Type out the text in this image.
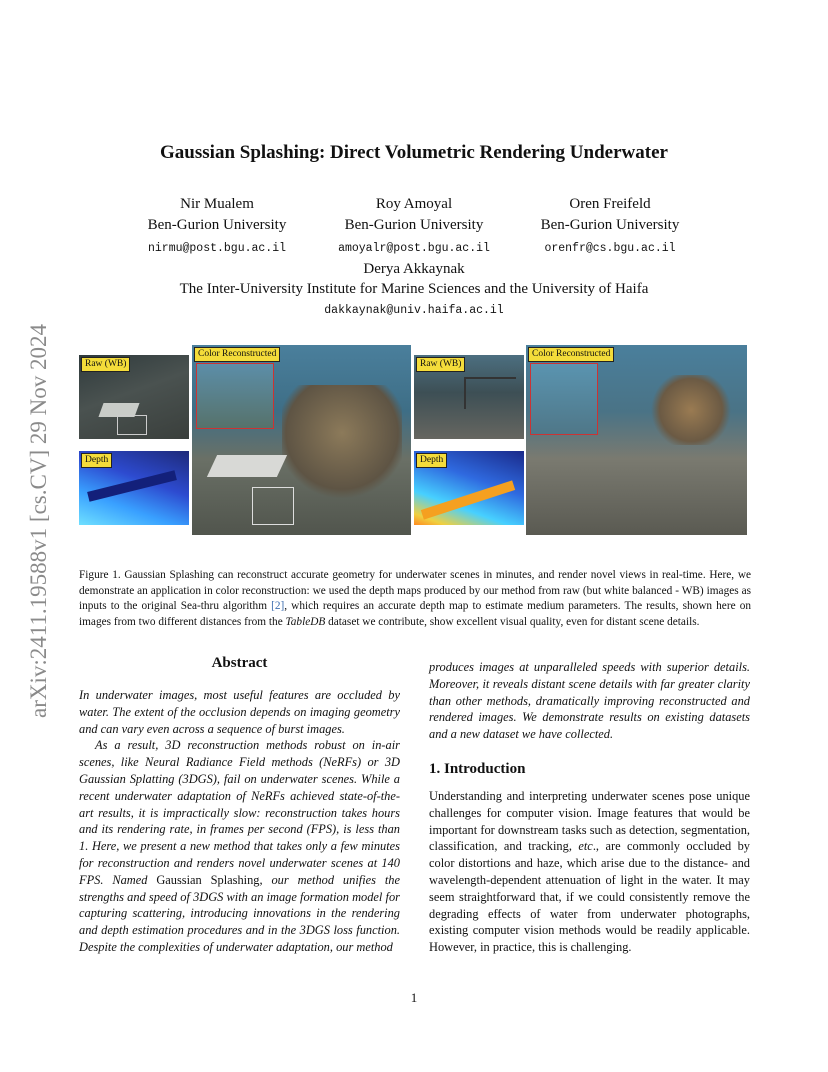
arXiv:2411.19588v1 [cs.CV] 29 Nov 2024
Gaussian Splashing: Direct Volumetric Rendering Underwater
Nir Mualem
Ben-Gurion University
nirmu@post.bgu.ac.il
Roy Amoyal
Ben-Gurion University
amoyalr@post.bgu.ac.il
Oren Freifeld
Ben-Gurion University
orenfr@cs.bgu.ac.il
Derya Akkaynak
The Inter-University Institute for Marine Sciences and the University of Haifa
dakkaynak@univ.haifa.ac.il
Raw (WB)
Depth
Color Reconstructed
Raw (WB)
Depth
Color Reconstructed
Figure 1. Gaussian Splashing can reconstruct accurate geometry for underwater scenes in minutes, and render novel views in real-time. Here, we demonstrate an application in color reconstruction: we used the depth maps produced by our method from raw (but white balanced - WB) images as inputs to the original Sea-thru algorithm [2], which requires an accurate depth map to estimate medium parameters. The results, shown here on images from two different distances from the TableDB dataset we contribute, show excellent visual quality, even for distant scene details.
Abstract
In underwater images, most useful features are occluded by water. The extent of the occlusion depends on imaging geometry and can vary even across a sequence of burst images.
As a result, 3D reconstruction methods robust on in-air scenes, like Neural Radiance Field methods (NeRFs) or 3D Gaussian Splatting (3DGS), fail on underwater scenes. While a recent underwater adaptation of NeRFs achieved state-of-the-art results, it is impractically slow: reconstruction takes hours and its rendering rate, in frames per second (FPS), is less than 1. Here, we present a new method that takes only a few minutes for reconstruction and renders novel underwater scenes at 140 FPS. Named Gaussian Splashing, our method unifies the strengths and speed of 3DGS with an image formation model for capturing scattering, introducing innovations in the rendering and depth estimation procedures and in the 3DGS loss function. Despite the complexities of underwater adaptation, our method
1. Introduction
Understanding and interpreting underwater scenes pose unique challenges for computer vision. Image features that would be important for downstream tasks such as detection, segmentation, classification, and tracking, etc., are commonly occluded by color distortions and haze, which arise due to the distance- and wavelength-dependent attenuation of light in the water. It may seem straightforward that, if we could consistently remove the degrading effects of water from underwater photographs, existing computer vision methods would be readily applicable. However, in practice, this is challenging.
1
produces images at unparalleled speeds with superior details. Moreover, it reveals distant scene details with far greater clarity than other methods, dramatically improving reconstructed and rendered images. We demonstrate results on existing datasets and a new dataset we have collected.
